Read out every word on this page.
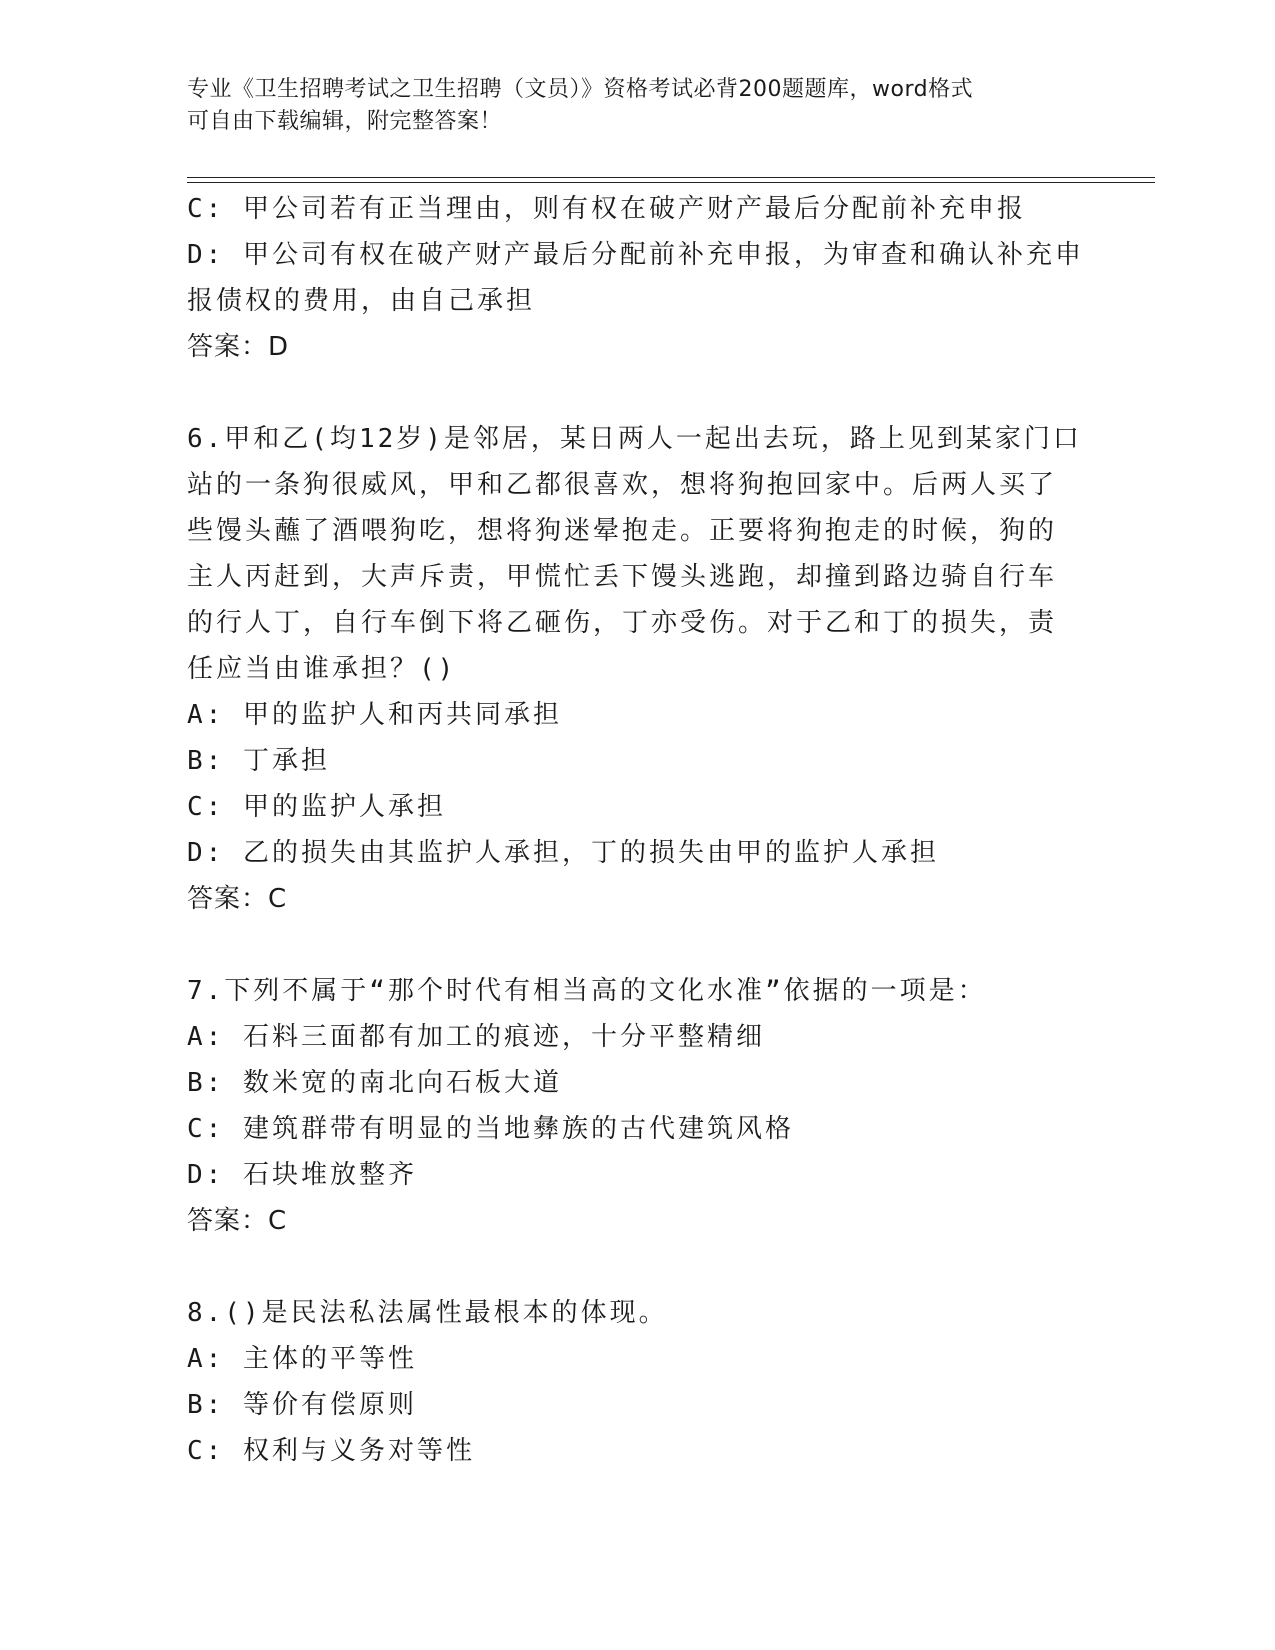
专业《卫生招聘考试之卫生招聘（文员）》资格考试必背200题题库，word格式
可自由下载编辑，附完整答案！
C: 甲公司若有正当理由，则有权在破产财产最后分配前补充申报
D: 甲公司有权在破产财产最后分配前补充申报，为审查和确认补充申
报债权的费用，由自己承担
答案：D
6.甲和乙(均12岁)是邻居，某日两人一起出去玩，路上见到某家门口
站的一条狗很威风，甲和乙都很喜欢，想将狗抱回家中。后两人买了
些馒头蘸了酒喂狗吃，想将狗迷晕抱走。正要将狗抱走的时候，狗的
主人丙赶到，大声斥责，甲慌忙丢下馒头逃跑，却撞到路边骑自行车
的行人丁，自行车倒下将乙砸伤，丁亦受伤。对于乙和丁的损失，责
任应当由谁承担？()
A: 甲的监护人和丙共同承担
B: 丁承担
C: 甲的监护人承担
D: 乙的损失由其监护人承担，丁的损失由甲的监护人承担
答案：C
7.下列不属于“那个时代有相当高的文化水准”依据的一项是：
A: 石料三面都有加工的痕迹，十分平整精细
B: 数米宽的南北向石板大道
C: 建筑群带有明显的当地彝族的古代建筑风格
D: 石块堆放整齐
答案：C
8.()是民法私法属性最根本的体现。
A: 主体的平等性
B: 等价有偿原则
C: 权利与义务对等性
